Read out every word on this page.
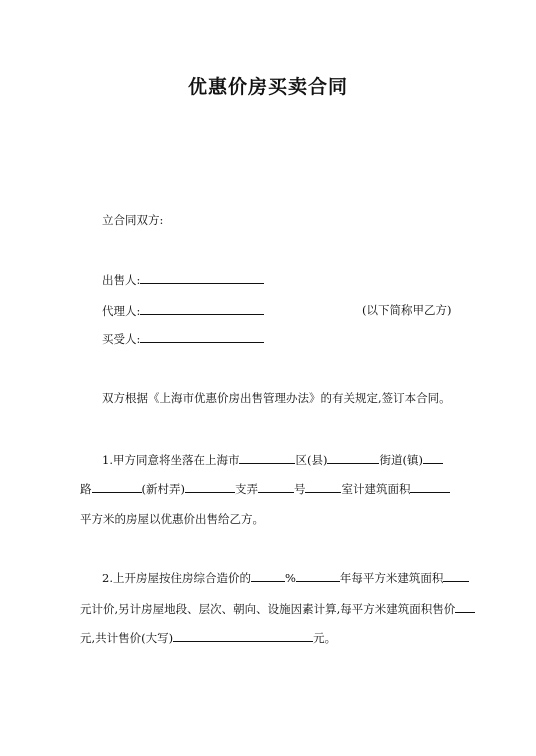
优惠价房买卖合同
立合同双方:
出售人:
代理人:	(以下简称甲乙方)
买受人:
双方根据《上海市优惠价房出售管理办法》的有关规定,签订本合同。
1.甲方同意将坐落在上海市	区(县)	街道(镇)
路	(新村弄)	支弄	号	室计建筑面积
平方米的房屋以优惠价出售给乙方。
2.上开房屋按住房综合造价的	%	年每平方米建筑面积
元计价,另计房屋地段、层次、朝向、设施因素计算,每平方米建筑面积售价
元,共计售价(大写)	元。
